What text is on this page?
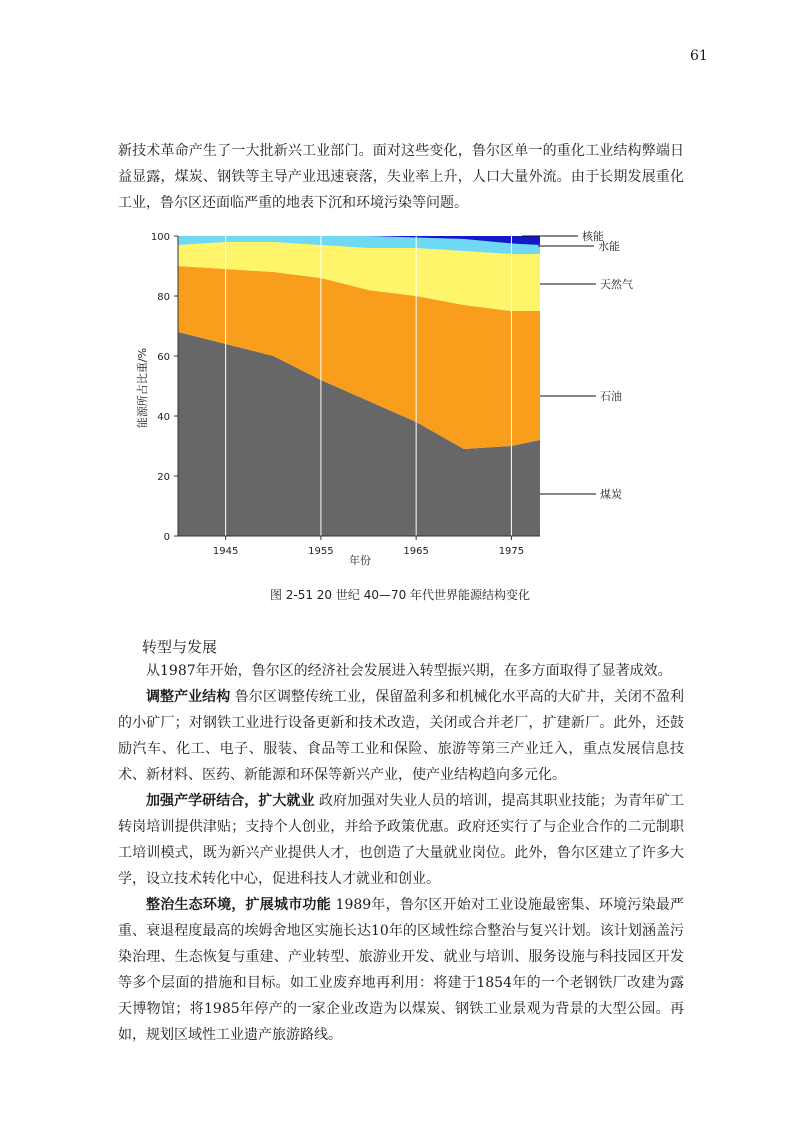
61

新技术革命产生了一大批新兴工业部门。面对这些变化，鲁尔区单一的重化工业结构弊端日益显露，煤炭、钢铁等主导产业迅速衰落，失业率上升，人口大量外流。由于长期发展重化工业，鲁尔区还面临严重的地表下沉和环境污染等问题。

0
20
40
60
80
100
1945	1955	1965	1975
核能
水能
天然气
石油
煤炭
能源所占比重/%
年份
图 2-51 20 世纪 40—70 年代世界能源结构变化
转型与发展

从1987年开始，鲁尔区的经济社会发展进入转型振兴期，在多方面取得了显著成效。

调整产业结构 鲁尔区调整传统工业，保留盈利多和机械化水平高的大矿井，关闭不盈利的小矿厂；对钢铁工业进行设备更新和技术改造，关闭或合并老厂，扩建新厂。此外，还鼓励汽车、化工、电子、服装、食品等工业和保险、旅游等第三产业迁入，重点发展信息技术、新材料、医药、新能源和环保等新兴产业，使产业结构趋向多元化。

加强产学研结合，扩大就业 政府加强对失业人员的培训，提高其职业技能；为青年矿工转岗培训提供津贴；支持个人创业，并给予政策优惠。政府还实行了与企业合作的二元制职工培训模式，既为新兴产业提供人才，也创造了大量就业岗位。此外，鲁尔区建立了许多大学，设立技术转化中心，促进科技人才就业和创业。

整治生态环境，扩展城市功能 1989年，鲁尔区开始对工业设施最密集、环境污染最严重、衰退程度最高的埃姆舍地区实施长达10年的区域性综合整治与复兴计划。该计划涵盖污染治理、生态恢复与重建、产业转型、旅游业开发、就业与培训、服务设施与科技园区开发等多个层面的措施和目标。如工业废弃地再利用：将建于1854年的一个老钢铁厂改建为露天博物馆；将1985年停产的一家企业改造为以煤炭、钢铁工业景观为背景的大型公园。再如，规划区域性工业遗产旅游路线。
